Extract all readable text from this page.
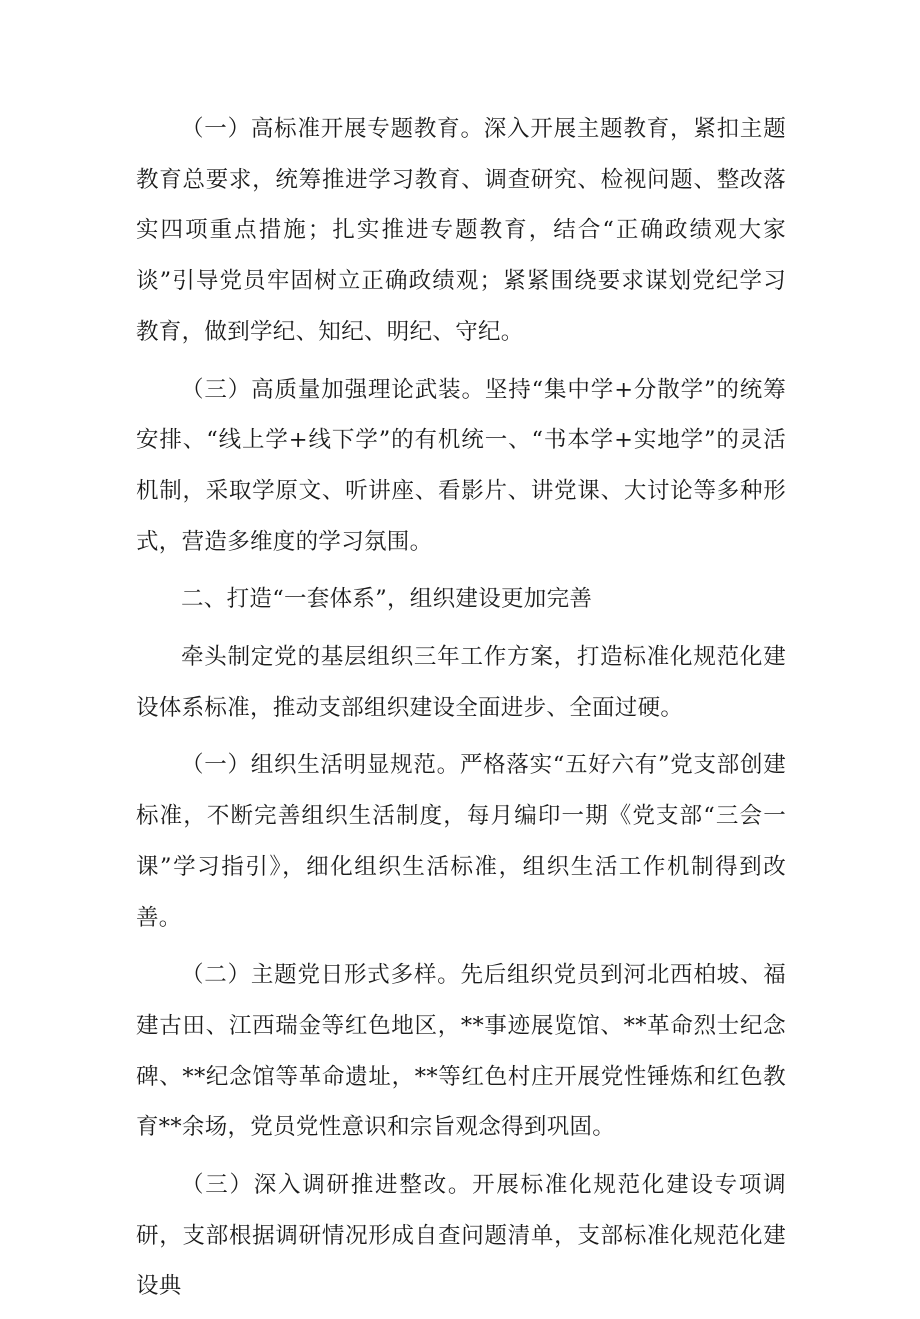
（一）高标准开展专题教育。深入开展主题教育，紧扣主题教育总要求，统筹推进学习教育、调查研究、检视问题、整改落实四项重点措施；扎实推进专题教育，结合“正确政绩观大家谈”引导党员牢固树立正确政绩观；紧紧围绕要求谋划党纪学习教育，做到学纪、知纪、明纪、守纪。

（三）高质量加强理论武装。坚持“集中学+分散学”的统筹安排、“线上学+线下学”的有机统一、“书本学+实地学”的灵活机制，采取学原文、听讲座、看影片、讲党课、大讨论等多种形式，营造多维度的学习氛围。

二、打造“一套体系”，组织建设更加完善

牵头制定党的基层组织三年工作方案，打造标准化规范化建设体系标准，推动支部组织建设全面进步、全面过硬。

（一）组织生活明显规范。严格落实“五好六有”党支部创建标准，不断完善组织生活制度，每月编印一期《党支部“三会一课”学习指引》，细化组织生活标准，组织生活工作机制得到改善。

（二）主题党日形式多样。先后组织党员到河北西柏坡、福建古田、江西瑞金等红色地区，**事迹展览馆、**革命烈士纪念碑、**纪念馆等革命遗址，**等红色村庄开展党性锤炼和红色教育**余场，党员党性意识和宗旨观念得到巩固。

（三）深入调研推进整改。开展标准化规范化建设专项调研，支部根据调研情况形成自查问题清单，支部标准化规范化建设典
